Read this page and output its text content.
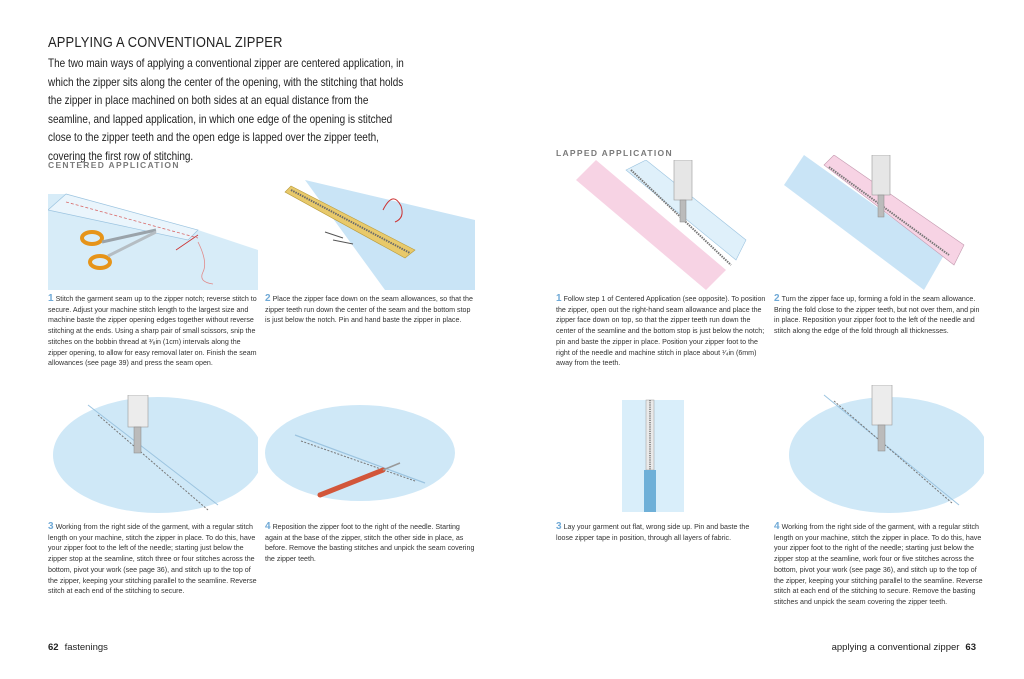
APPLYING A CONVENTIONAL ZIPPER
The two main ways of applying a conventional zipper are centered application, in which the zipper sits along the center of the opening, with the stitching that holds the zipper in place machined on both sides at an equal distance from the seamline, and lapped application, in which one edge of the opening is stitched close to the zipper teeth and the open edge is lapped over the zipper teeth, covering the first row of stitching.
CENTERED APPLICATION
LAPPED APPLICATION
1 Stitch the garment seam up to the zipper notch; reverse stitch to secure. Adjust your machine stitch length to the largest size and machine baste the zipper opening edges together without reverse stitching at the ends. Using a sharp pair of small scissors, snip the stitches on the bobbin thread at ³⁄₈in (1cm) intervals along the zipper opening, to allow for easy removal later on. Finish the seam allowances (see page 39) and press the seam open.
2 Place the zipper face down on the seam allowances, so that the zipper teeth run down the center of the seam and the bottom stop is just below the notch. Pin and hand baste the zipper in place.
1 Follow step 1 of Centered Application (see opposite). To position the zipper, open out the right-hand seam allowance and place the zipper face down on top, so that the zipper teeth run down the center of the seamline and the bottom stop is just below the notch; pin and baste the zipper in place. Position your zipper foot to the right of the needle and machine stitch in place about ¹⁄₄in (6mm) away from the teeth.
2 Turn the zipper face up, forming a fold in the seam allowance. Bring the fold close to the zipper teeth, but not over them, and pin in place. Reposition your zipper foot to the left of the needle and stitch along the edge of the fold through all thicknesses.
3 Working from the right side of the garment, with a regular stitch length on your machine, stitch the zipper in place. To do this, have your zipper foot to the left of the needle; starting just below the zipper stop at the seamline, stitch three or four stitches across the bottom, pivot your work (see page 36), and stitch up to the top of the zipper, keeping your stitching parallel to the seamline. Reverse stitch at each end of the stitching to secure.
4 Reposition the zipper foot to the right of the needle. Starting again at the base of the zipper, stitch the other side in place, as before. Remove the basting stitches and unpick the seam covering the zipper teeth.
3 Lay your garment out flat, wrong side up. Pin and baste the loose zipper tape in position, through all layers of fabric.
4 Working from the right side of the garment, with a regular stitch length on your machine, stitch the zipper in place. To do this, have your zipper foot to the right of the needle; starting just below the zipper stop at the seamline, work four or five stitches across the bottom, pivot your work (see page 36), and stitch up to the top of the zipper, keeping your stitching parallel to the seamline. Reverse stitch at each end of the stitching to secure. Remove the basting stitches and unpick the seam covering the zipper teeth.
62 fastenings	applying a conventional zipper 63
